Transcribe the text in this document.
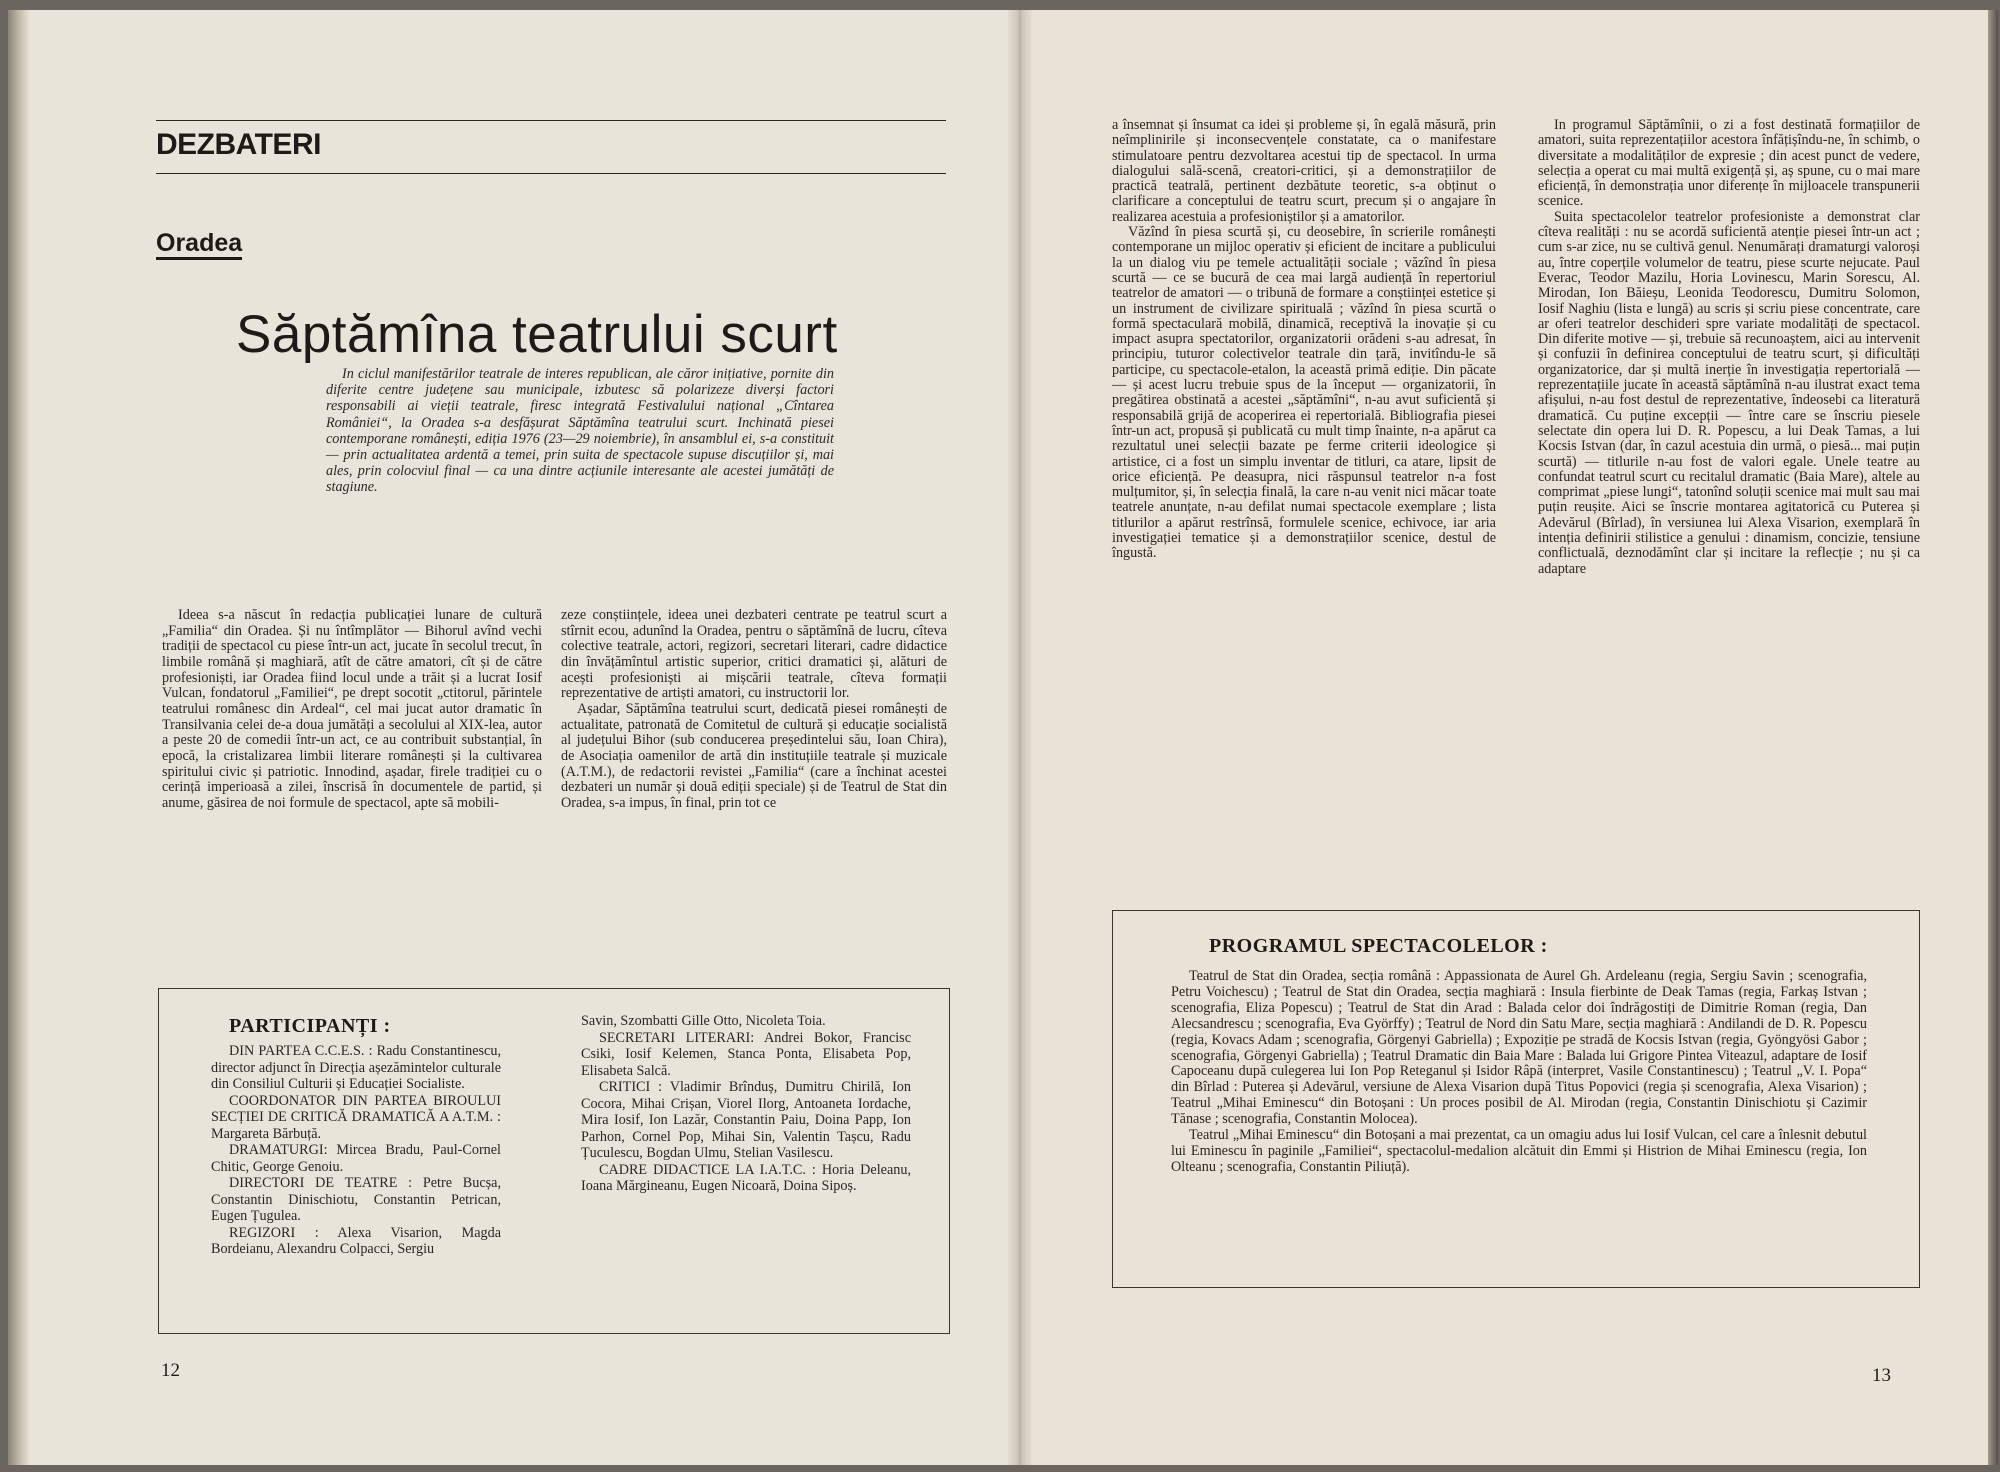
DEZBATERI
Oradea
Săptămîna teatrului scurt
In ciclul manifestărilor teatrale de interes republican, ale căror inițiative, pornite din diferite centre județene sau municipale, izbutesc să polarizeze diverși factori responsabili ai vieții teatrale, firesc integrată Festivalului național „Cîntarea României“, la Oradea s-a desfășurat Săptămîna teatrului scurt. Inchinată piesei contemporane românești, ediția 1976 (23—29 noiembrie), în ansamblul ei, s-a constituit — prin actualitatea ardentă a temei, prin suita de spectacole supuse discuțiilor și, mai ales, prin colocviul final — ca una dintre acțiunile interesante ale acestei jumătăți de stagiune.
Ideea s-a născut în redacția publicației lunare de cultură „Familia“ din Oradea. Și nu întîmplător — Bihorul avînd vechi tradiții de spectacol cu piese într-un act, jucate în secolul trecut, în limbile română și maghiară, atît de către amatori, cît și de către profesioniști, iar Oradea fiind locul unde a trăit și a lucrat Iosif Vulcan, fondatorul „Familiei“, pe drept socotit „ctitorul, părintele teatrului românesc din Ardeal“, cel mai jucat autor dramatic în Transilvania celei de-a doua jumătăți a secolului al XIX-lea, autor a peste 20 de comedii într-un act, ce au contribuit substanțial, în epocă, la cristalizarea limbii literare românești și la cultivarea spiritului civic și patriotic. Innodind, așadar, firele tradiției cu o cerință imperioasă a zilei, înscrisă în documentele de partid, și anume, găsirea de noi formule de spectacol, apte să mobili-

zeze conștiințele, ideea unei dezbateri centrate pe teatrul scurt a stîrnit ecou, adunînd la Oradea, pentru o săptămînă de lucru, cîteva colective teatrale, actori, regizori, secretari literari, cadre didactice din învățămîntul artistic superior, critici dramatici și, alături de acești profesioniști ai mișcării teatrale, cîteva formații reprezentative de artiști amatori, cu instructorii lor.

Așadar, Săptămîna teatrului scurt, dedicată piesei românești de actualitate, patronată de Comitetul de cultură și educație socialistă al județului Bihor (sub conducerea președintelui său, Ioan Chira), de Asociația oamenilor de artă din instituțiile teatrale și muzicale (A.T.M.), de redactorii revistei „Familia“ (care a închinat acestei dezbateri un număr și două ediții speciale) și de Teatrul de Stat din Oradea, s-a impus, în final, prin tot ce

PARTICIPANȚI :

DIN PARTEA C.C.E.S. : Radu Constantinescu, director adjunct în Direcția așezămintelor culturale din Consiliul Culturii și Educației Socialiste.

COORDONATOR DIN PARTEA BIROULUI SECȚIEI DE CRITICĂ DRAMATICĂ A A.T.M. : Margareta Bărbuță.

DRAMATURGI: Mircea Bradu, Paul-Cornel Chitic, George Genoiu.

DIRECTORI DE TEATRE : Petre Bucșa, Constantin Dinischiotu, Constantin Petrican, Eugen Țugulea.

REGIZORI : Alexa Visarion, Magda Bordeianu, Alexandru Colpacci, Sergiu

Savin, Szombatti Gille Otto, Nicoleta Toia.

SECRETARI LITERARI: Andrei Bokor, Francisc Csiki, Iosif Kelemen, Stanca Ponta, Elisabeta Pop, Elisabeta Salcă.

CRITICI : Vladimir Brînduș, Dumitru Chirilă, Ion Cocora, Mihai Crișan, Viorel Ilorg, Antoaneta Iordache, Mira Iosif, Ion Lazăr, Constantin Paiu, Doina Papp, Ion Parhon, Cornel Pop, Mihai Sin, Valentin Tașcu, Radu Țuculescu, Bogdan Ulmu, Stelian Vasilescu.

CADRE DIDACTICE LA I.A.T.C. : Horia Deleanu, Ioana Mărgineanu, Eugen Nicoară, Doina Sipoș.

12

a însemnat și însumat ca idei și probleme și, în egală măsură, prin neîmplinirile și inconsecvențele constatate, ca o manifestare stimulatoare pentru dezvoltarea acestui tip de spectacol. In urma dialogului sală-scenă, creatori-critici, și a demonstrațiilor de practică teatrală, pertinent dezbătute teoretic, s-a obținut o clarificare a conceptului de teatru scurt, precum și o angajare în realizarea acestuia a profesioniștilor și a amatorilor.

Văzînd în piesa scurtă și, cu deosebire, în scrierile românești contemporane un mijloc operativ și eficient de incitare a publicului la un dialog viu pe temele actualității sociale ; văzînd în piesa scurtă — ce se bucură de cea mai largă audiență în repertoriul teatrelor de amatori — o tribună de formare a conștiinței estetice și un instrument de civilizare spirituală ; văzînd în piesa scurtă o formă spectaculară mobilă, dinamică, receptivă la inovație și cu impact asupra spectatorilor, organizatorii orădeni s-au adresat, în principiu, tuturor colectivelor teatrale din țară, invitîndu-le să participe, cu spectacole-etalon, la această primă ediție. Din păcate — și acest lucru trebuie spus de la început — organizatorii, în pregătirea obstinată a acestei „săptămîni“, n-au avut suficientă și responsabilă grijă de acoperirea ei repertorială. Bibliografia piesei într-un act, propusă și publicată cu mult timp înainte, n-a apărut ca rezultatul unei selecții bazate pe ferme criterii ideologice și artistice, ci a fost un simplu inventar de titluri, ca atare, lipsit de orice eficiență. Pe deasupra, nici răspunsul teatrelor n-a fost mulțumitor, și, în selecția finală, la care n-au venit nici măcar toate teatrele anunțate, n-au defilat numai spectacole exemplare ; lista titlurilor a apărut restrînsă, formulele scenice, echivoce, iar aria investigației tematice și a demonstrațiilor scenice, destul de îngustă.

In programul Săptămînii, o zi a fost destinată formațiilor de amatori, suita reprezentațiilor acestora înfățișîndu-ne, în schimb, o diversitate a modalităților de expresie ; din acest punct de vedere, selecția a operat cu mai multă exigență și, aș spune, cu o mai mare eficiență, în demonstrația unor diferențe în mijloacele transpunerii scenice.

Suita spectacolelor teatrelor profesioniste a demonstrat clar cîteva realități : nu se acordă suficientă atenție piesei într-un act ; cum s-ar zice, nu se cultivă genul. Nenumărați dramaturgi valoroși au, între coperțile volumelor de teatru, piese scurte nejucate. Paul Everac, Teodor Mazilu, Horia Lovinescu, Marin Sorescu, Al. Mirodan, Ion Băieșu, Leonida Teodorescu, Dumitru Solomon, Iosif Naghiu (lista e lungă) au scris și scriu piese concentrate, care ar oferi teatrelor deschideri spre variate modalități de spectacol. Din diferite motive — și, trebuie să recunoaștem, aici au intervenit și confuzii în definirea conceptului de teatru scurt, și dificultăți organizatorice, dar și multă inerție în investigația repertorială — reprezentațiile jucate în această săptămînă n-au ilustrat exact tema afișului, n-au fost destul de reprezentative, îndeosebi ca literatură dramatică. Cu puține excepții — între care se înscriu piesele selectate din opera lui D. R. Popescu, a lui Deak Tamas, a lui Kocsis Istvan (dar, în cazul acestuia din urmă, o piesă... mai puțin scurtă) — titlurile n-au fost de valori egale. Unele teatre au confundat teatrul scurt cu recitalul dramatic (Baia Mare), altele au comprimat „piese lungi“, tatonînd soluții scenice mai mult sau mai puțin reușite. Aici se înscrie montarea agitatorică cu Puterea și Adevărul (Bîrlad), în versiunea lui Alexa Visarion, exemplară în intenția definirii stilistice a genului : dinamism, concizie, tensiune conflictuală, deznodămînt clar și incitare la reflecție ; nu și ca adaptare

PROGRAMUL SPECTACOLELOR :

Teatrul de Stat din Oradea, secția română : Appassionata de Aurel Gh. Ardeleanu (regia, Sergiu Savin ; scenografia, Petru Voichescu) ; Teatrul de Stat din Oradea, secția maghiară : Insula fierbinte de Deak Tamas (regia, Farkaș Istvan ; scenografia, Eliza Popescu) ; Teatrul de Stat din Arad : Balada celor doi îndrăgostiți de Dimitrie Roman (regia, Dan Alecsandrescu ; scenografia, Eva Györffy) ; Teatrul de Nord din Satu Mare, secția maghiară : Andilandi de D. R. Popescu (regia, Kovacs Adam ; scenografia, Görgenyi Gabriella) ; Expoziție pe stradă de Kocsis Istvan (regia, Gyöngyösi Gabor ; scenografia, Görgenyi Gabriella) ; Teatrul Dramatic din Baia Mare : Balada lui Grigore Pintea Viteazul, adaptare de Iosif Capoceanu după culegerea lui Ion Pop Reteganul și Isidor Râpă (interpret, Vasile Constantinescu) ; Teatrul „V. I. Popa“ din Bîrlad : Puterea și Adevărul, versiune de Alexa Visarion după Titus Popovici (regia și scenografia, Alexa Visarion) ; Teatrul „Mihai Eminescu“ din Botoșani : Un proces posibil de Al. Mirodan (regia, Constantin Dinischiotu și Cazimir Tănase ; scenografia, Constantin Moloceа).

Teatrul „Mihai Eminescu“ din Botoșani a mai prezentat, ca un omagiu adus lui Iosif Vulcan, cel care a înlesnit debutul lui Eminescu în paginile „Familiei“, spectacolul-medalion alcătuit din Emmi și Histrion de Mihai Eminescu (regia, Ion Olteanu ; scenografia, Constantin Piliuță).

13
